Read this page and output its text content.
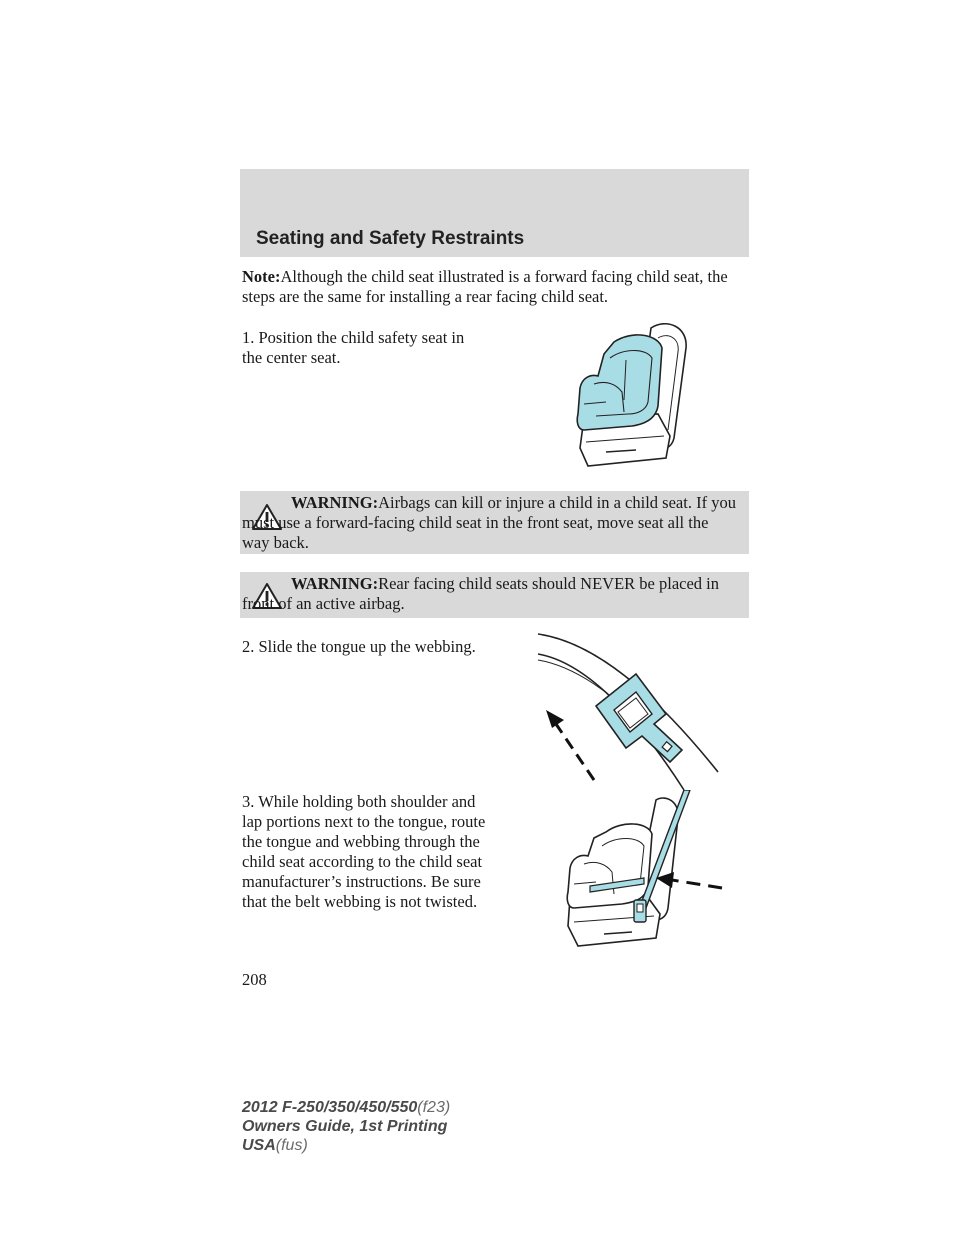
Seating and Safety Restraints
Note:Although the child seat illustrated is a forward facing child seat, the steps are the same for installing a rear facing child seat.
1. Position the child safety seat in the center seat.
WARNING:Airbags can kill or injure a child in a child seat. If you must use a forward-facing child seat in the front seat, move seat all the way back.
WARNING:Rear facing child seats should NEVER be placed in front of an active airbag.
2. Slide the tongue up the webbing.
3. While holding both shoulder and lap portions next to the tongue, route the tongue and webbing through the child seat according to the child seat manufacturer’s instructions. Be sure that the belt webbing is not twisted.
208
2012 F-250/350/450/550(f23)
Owners Guide, 1st Printing
USA(fus)
